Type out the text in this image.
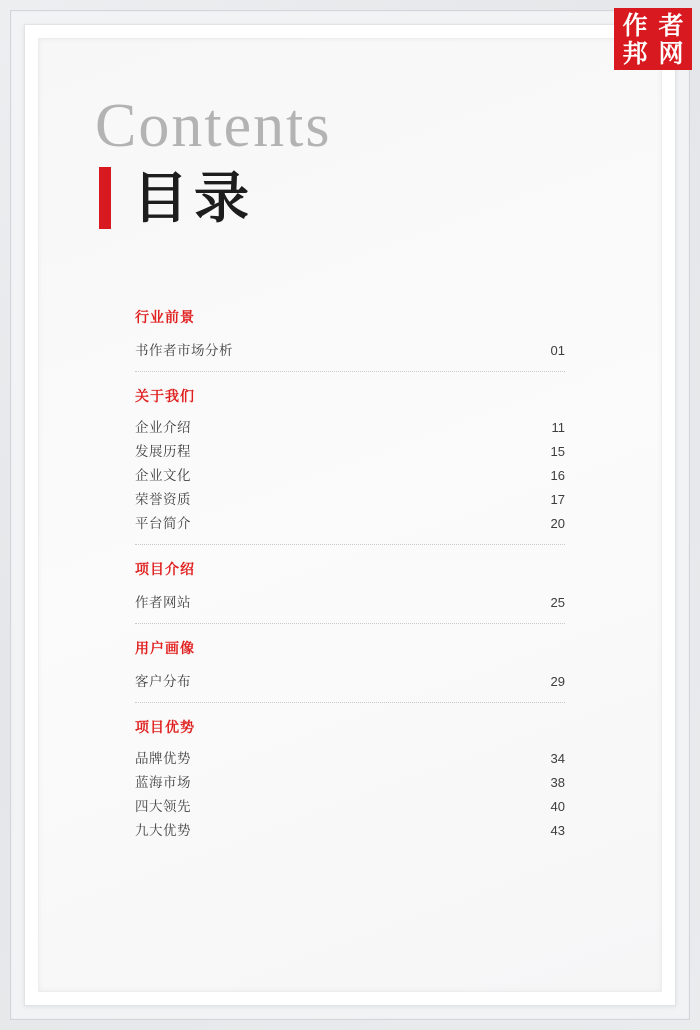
作 者
邦 网
Contents
目录
行业前景
书作者市场分析	01
关于我们
企业介绍	11
发展历程	15
企业文化	16
荣誉资质	17
平台简介	20
项目介绍
作者网站	25
用户画像
客户分布	29
项目优势
品牌优势	34
蓝海市场	38
四大领先	40
九大优势	43
